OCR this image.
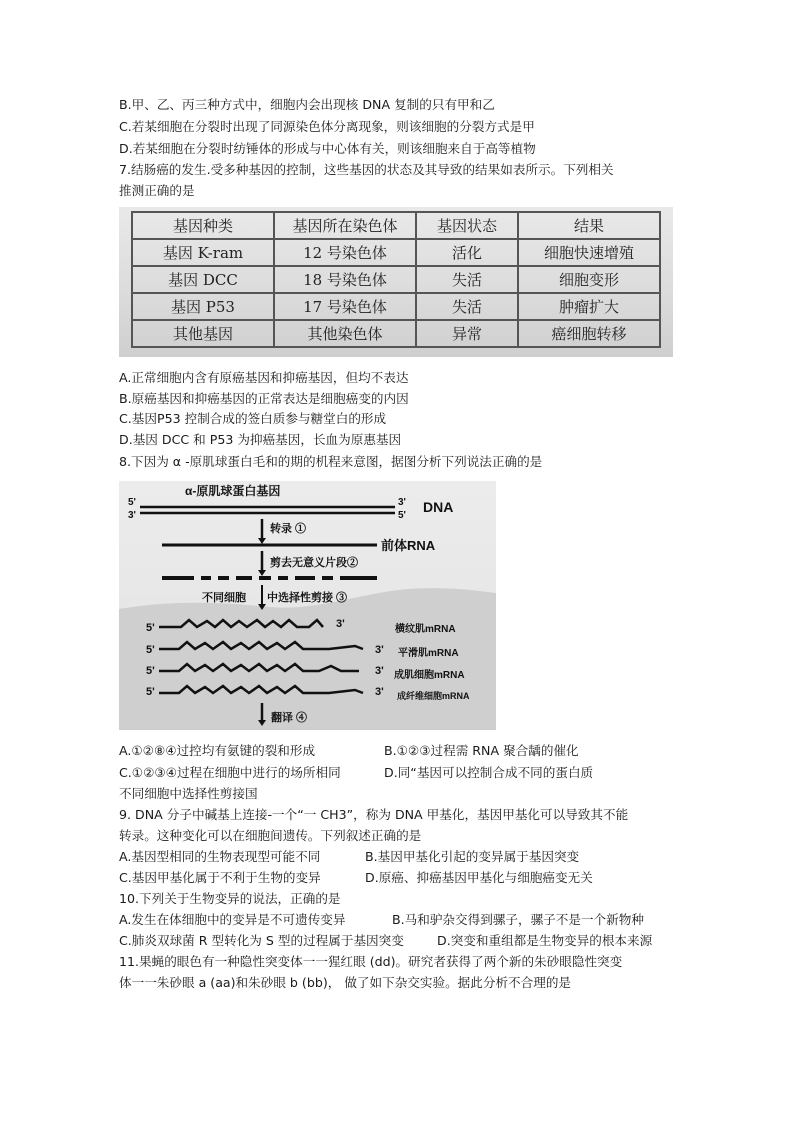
B.甲、乙、丙三种方式中，细胞内会出现核 DNA 复制的只有甲和乙
C.若某细胞在分裂时出现了同源染色体分离现象，则该细胞的分裂方式是甲
D.若某细胞在分裂时纺锤体的形成与中心体有关，则该细胞来自于高等植物
7.结肠癌的发生.受多种基因的控制，这些基因的状态及其导致的结果如表所示。下列相关
推测正确的是
基因种类	基因所在染色体	基因状态	结果
基因 K-ram	12 号染色体	活化	细胞快速增殖
基因 DCC	18 号染色体	失活	细胞变形
基因 P53	17 号染色体	失活	肿瘤扩大
其他基因	其他染色体	异常	癌细胞转移
A.正常细胞内含有原癌基因和抑癌基因，但均不表达
B.原癌基因和抑癌基因的正常表达是细胞癌变的内因
C.基因P53 控制合成的签白质参与糖堂白的形成
D.基因 DCC 和 P53 为抑癌基因，长血为原惠基因
8.下因为 α -原肌球蛋白毛和的期的机程来意图，据图分析下列说法正确的是
α-原肌球蛋白基因
5'
3'
3'
5'
DNA
转录 ①
前体RNA
剪去无意义片段②
不同细胞 中选择性剪接 ③
5'	3'	横纹肌mRNA
5'	3' 平滑肌mRNA
5'	3' 成肌细胞mRNA
5'	3' 成纤维细胞mRNA
翻译 ④
A.①②⑧④过控均有氨键的裂和形成	B.①②③过程需 RNA 聚合龋的催化
C.①②③④过程在细胞中进行的场所相同	D.同“基因可以控制合成不同的蛋白质
不同细胞中选择性剪接国
9. DNA 分子中碱基上连接-一个“一 CH3”，称为 DNA 甲基化，基因甲基化可以导致其不能
转录。这种变化可以在细胞间遗传。下列叙述正确的是
A.基因型相同的生物表现型可能不同	B.基因甲基化引起的变异属于基因突变
C.基因甲基化属于不利于生物的变异	D.原癌、抑癌基因甲基化与细胞癌变无关
10.下列关于生物变异的说法，正确的是
A.发生在体细胞中的变异是不可遗传变异	B.马和驴杂交得到骡子，骡子不是一个新物种
C.肺炎双球菌 R 型转化为 S 型的过程属于基因突变	D.突变和重组都是生物变异的根本来源
11.果蝇的眼色有一种隐性突变体一一猩红眼 (dd)。研究者获得了两个新的朱砂眼隐性突变
体一一朱砂眼 a (aa)和朱砂眼 b (bb)， 做了如下杂交实验。据此分析不合理的是
